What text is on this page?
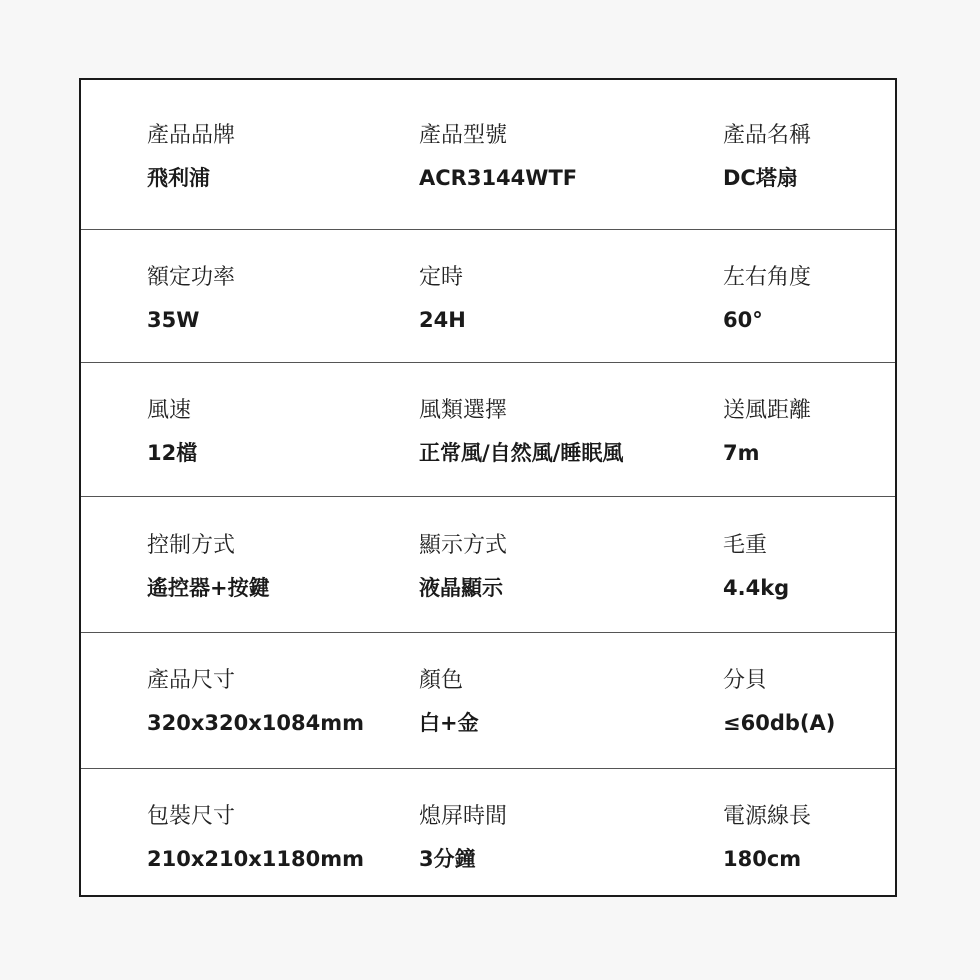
產品品牌
飛利浦
產品型號
ACR3144WTF
產品名稱
DC塔扇
額定功率
35W
定時
24H
左右角度
60°
風速
12檔
風類選擇
正常風/自然風/睡眠風
送風距離
7m
控制方式
遙控器+按鍵
顯示方式
液晶顯示
毛重
4.4kg
產品尺寸
320x320x1084mm
顏色
白+金
分貝
≤60db(A)
包裝尺寸
210x210x1180mm
熄屏時間
3分鐘
電源線長
180cm
